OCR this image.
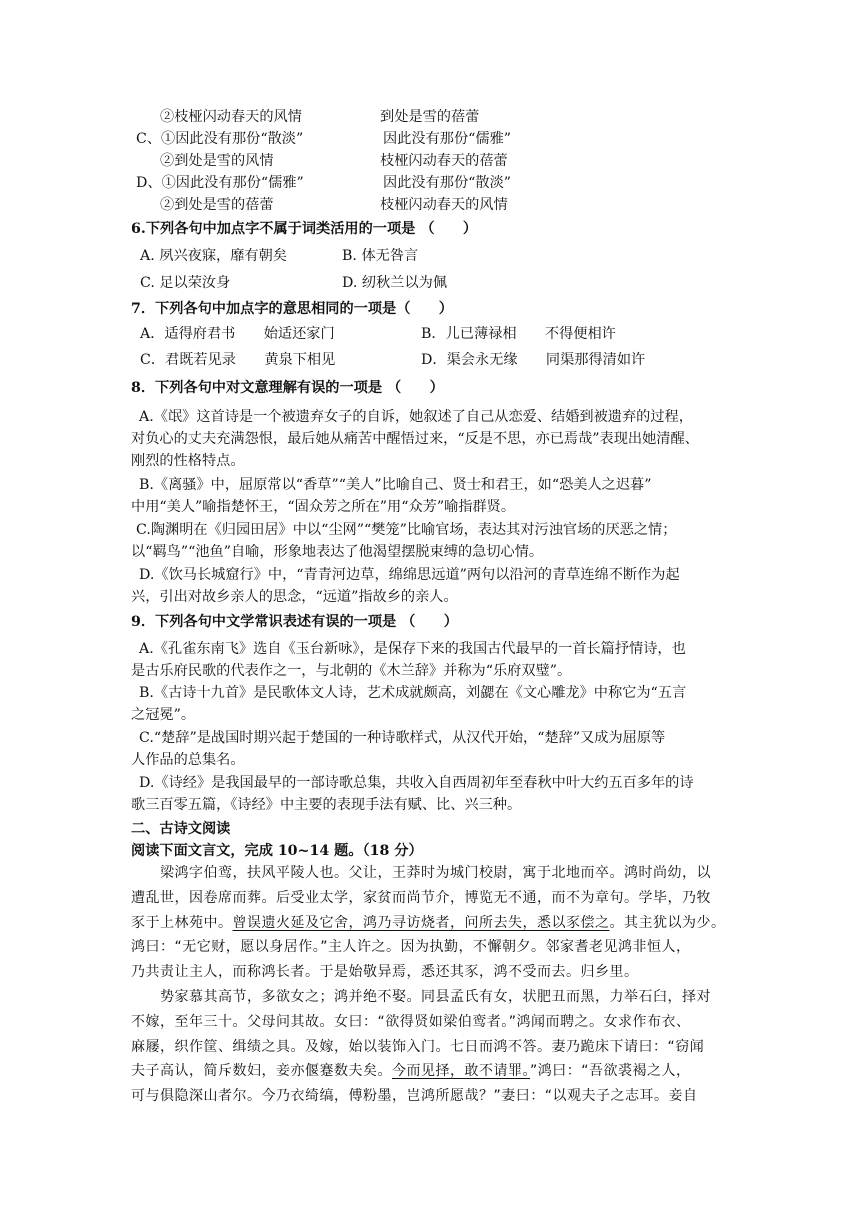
②枝桠闪动春天的风情	到处是雪的蓓蕾
C、①因此没有那份“散淡”	因此没有那份“儒雅”
②到处是雪的风情	枝桠闪动春天的蓓蕾
D、①因此没有那份“儒雅”	因此没有那份“散淡”
②到处是雪的蓓蕾	枝桠闪动春天的风情
6.下列各句中加点字不属于词类活用的一项是 （　　）
A. 夙兴夜寐，靡有朝矣	B. 体无咎言
C. 足以荣汝身	D. 纫秋兰以为佩
7．下列各句中加点字的意思相同的一项是（　　）
A．适得府君书　　始适还家门	B．儿已薄禄相　　不得便相许
C．君既若见录　　黄泉下相见	D．渠会永无缘　　同渠那得清如许
8．下列各句中对文意理解有误的一项是 （　　）
A.《氓》这首诗是一个被遗弃女子的自诉，她叙述了自己从恋爱、结婚到被遗弃的过程，
对负心的丈夫充满怨恨，最后她从痛苦中醒悟过来，“反是不思，亦已焉哉”表现出她清醒、
刚烈的性格特点。
B.《离骚》中，屈原常以“香草”“美人”比喻自己、贤士和君王，如“恐美人之迟暮”
中用“美人”喻指楚怀王，“固众芳之所在”用“众芳”喻指群贤。
C.陶渊明在《归园田居》中以“尘网”“樊笼”比喻官场，表达其对污浊官场的厌恶之情；
以“羁鸟”“池鱼”自喻，形象地表达了他渴望摆脱束缚的急切心情。
D.《饮马长城窟行》中，“青青河边草，绵绵思远道”两句以沿河的青草连绵不断作为起
兴，引出对故乡亲人的思念，“远道”指故乡的亲人。
9．下列各句中文学常识表述有误的一项是 （　　）
A.《孔雀东南飞》选自《玉台新咏》，是保存下来的我国古代最早的一首长篇抒情诗，也
是古乐府民歌的代表作之一，与北朝的《木兰辞》并称为“乐府双璧”。
B.《古诗十九首》是民歌体文人诗，艺术成就颇高，刘勰在《文心雕龙》中称它为“五言
之冠冕”。
C.“楚辞”是战国时期兴起于楚国的一种诗歌样式，从汉代开始，“楚辞”又成为屈原等
人作品的总集名。
D.《诗经》是我国最早的一部诗歌总集，共收入自西周初年至春秋中叶大约五百多年的诗
歌三百零五篇，《诗经》中主要的表现手法有赋、比、兴三种。
二、古诗文阅读
阅读下面文言文，完成 10~14 题。（18 分）
梁鸿字伯鸾，扶风平陵人也。父让，王莽时为城门校尉，寓于北地而卒。鸿时尚幼，以
遭乱世，因卷席而葬。后受业太学，家贫而尚节介，博览无不通，而不为章句。学毕，乃牧
豕于上林苑中。曾误遗火延及它舍，鸿乃寻访烧者，问所去失，悉以豕偿之。其主犹以为少。
鸿曰：“无它财，愿以身居作。”主人许之。因为执勤，不懈朝夕。邻家耆老见鸿非恒人，
乃共责让主人，而称鸿长者。于是始敬异焉，悉还其豕，鸿不受而去。归乡里。
势家慕其高节，多欲女之；鸿并绝不娶。同县孟氏有女，状肥丑而黑，力举石臼，择对
不嫁，至年三十。父母问其故。女曰：“欲得贤如梁伯鸾者。”鸿闻而聘之。女求作布衣、
麻屦，织作筐、缉绩之具。及嫁，始以装饰入门。七日而鸿不答。妻乃跪床下请曰：“窃闻
夫子高认，简斥数妇，妾亦偃蹇数夫矣。今而见择，敢不请罪。”鸿曰：“吾欲裘褐之人，
可与俱隐深山者尔。今乃衣绮缟，傅粉墨，岂鸿所愿哉？”妻曰：“以观夫子之志耳。妾自
